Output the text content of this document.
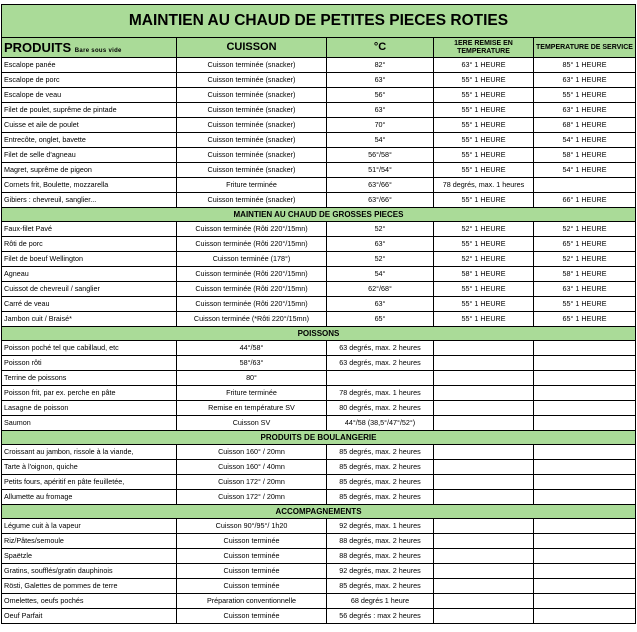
MAINTIEN AU CHAUD DE PETITES PIECES ROTIES				
PRODUITS Bare sous vide	CUISSON	°C	1ERE REMISE EN TEMPERATURE	TEMPERATURE DE SERVICE
Escalope panée	Cuisson terminée (snacker)	82°	63° 1 HEURE	85° 1 HEURE
Escalope de porc	Cuisson terminée (snacker)	63°	55° 1 HEURE	63° 1 HEURE
Escalope de veau	Cuisson terminée (snacker)	56°	55° 1 HEURE	55° 1 HEURE
Filet de poulet, suprême de pintade	Cuisson terminée (snacker)	63°	55° 1 HEURE	63° 1 HEURE
Cuisse et aile de poulet	Cuisson terminée (snacker)	70°	55° 1 HEURE	68° 1 HEURE
Entrecôte, onglet, bavette	Cuisson terminée (snacker)	54°	55° 1 HEURE	54° 1 HEURE
Filet de selle d'agneau	Cuisson terminée (snacker)	56°/58°	55° 1 HEURE	58° 1 HEURE
Magret, suprême de pigeon	Cuisson terminée (snacker)	51°/54°	55° 1 HEURE	54° 1 HEURE
Cornets frit, Boulette, mozzarella	Friture terminée	63°/66°	78 degrés, max. 1 heures	
Gibiers : chevreuil, sanglier...	Cuisson terminée (snacker)	63°/66°	55° 1 HEURE	66° 1 HEURE
MAINTIEN AU CHAUD DE GROSSES PIECES				
Faux-filet Pavé	Cuisson terminée (Rôti 220°/15mn)	52°	52° 1 HEURE	52° 1 HEURE
Rôti de porc	Cuisson terminée (Rôti 220°/15mn)	63°	55° 1 HEURE	65° 1 HEURE
Filet de boeuf Wellington	Cuisson terminée (178°)	52°	52° 1 HEURE	52° 1 HEURE
Agneau	Cuisson terminée (Rôti 220°/15mn)	54°	58° 1 HEURE	58° 1 HEURE
Cuissot de chevreuil / sanglier	Cuisson terminée (Rôti 220°/15mn)	62°/68°	55° 1 HEURE	63° 1 HEURE
Carré de veau	Cuisson terminée (Rôti 220°/15mn)	63°	55° 1 HEURE	55° 1 HEURE
Jambon cuit / Braisé*	Cuisson terminée (*Rôti 220°/15mn)	65°	55° 1 HEURE	65° 1 HEURE
POISSONS				
Poisson poché tel que cabillaud, etc	44°/58°	63 degrés, max. 2 heures		
Poisson rôti	58°/63°	63 degrés, max. 2 heures		
Terrine de poissons	80°			
Poisson frit, par ex. perche en pâte	Friture terminée	78 degrés, max. 1 heures		
Lasagne de poisson	Remise en température SV	80 degrés, max. 2 heures		
Saumon	Cuisson SV	44°/58 (38,5°/47°/52°)		
PRODUITS DE BOULANGERIE				
Croissant au jambon, rissole à la viande,	Cuisson 160° / 20mn	85 degrés, max. 2 heures		
Tarte à l'oignon, quiche	Cuisson 160° / 40mn	85 degrés, max. 2 heures		
Petits fours, apéritif en pâte feuilletée,	Cuisson 172° / 20mn	85 degrés, max. 2 heures		
Allumette au fromage	Cuisson 172° / 20mn	85 degrés, max. 2 heures		
ACCOMPAGNEMENTS				
Légume cuit à la vapeur	Cuisson 90°/95°/ 1h20	92 degrés, max. 1 heures		
Riz/Pâtes/semoule	Cuisson terminée	88 degrés, max. 2 heures		
Spaëtzle	Cuisson terminée	88 degrés, max. 2 heures		
Gratins, soufflés/gratin dauphinois	Cuisson terminée	92 degrés, max. 2 heures		
Rösti, Galettes de pommes de terre	Cuisson terminée	85 degrés, max. 2 heures		
Omelettes, oeufs pochés	Préparation conventionnelle	68 degrés 1 heure		
Oeuf Parfait	Cuisson terminée	56 degrés : max 2 heures		
